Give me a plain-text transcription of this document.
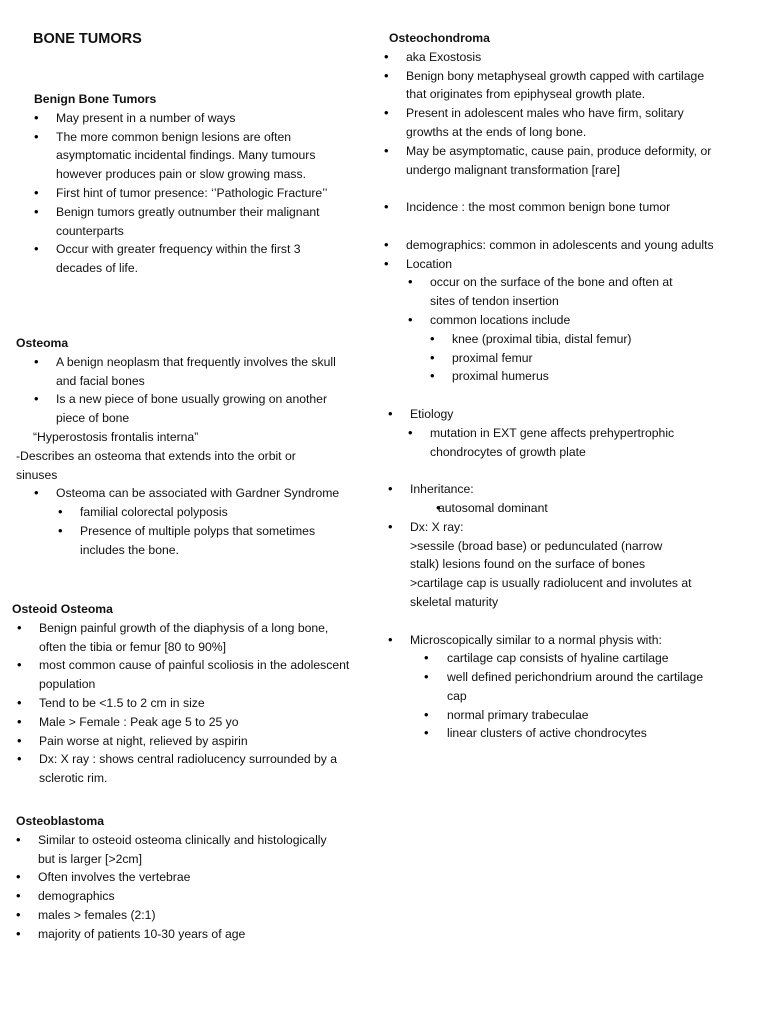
BONE TUMORS
Benign Bone Tumors
• May present in a number of ways
• The more common benign lesions are often
asymptomatic incidental findings. Many tumours
however produces pain or slow growing mass.
• First hint of tumor presence: ‘’Pathologic Fracture’’
• Benign tumors greatly outnumber their malignant
counterparts
• Occur with greater frequency within the first 3
decades of life.
Osteoma
• A benign neoplasm that frequently involves the skull
and facial bones
• Is a new piece of bone usually growing on another
piece of bone
“Hyperostosis frontalis interna”
-Describes an osteoma that extends into the orbit or
sinuses
• Osteoma can be associated with Gardner Syndrome
• familial colorectal polyposis
• Presence of multiple polyps that sometimes
includes the bone.
Osteoid Osteoma
• Benign painful growth of the diaphysis of a long bone,
often the tibia or femur [80 to 90%]
• most common cause of painful scoliosis in the adolescent
population
• Tend to be <1.5 to 2 cm in size
• Male > Female : Peak age 5 to 25 yo
• Pain worse at night, relieved by aspirin
• Dx: X ray : shows central radiolucency surrounded by a
sclerotic rim.
Osteoblastoma
• Similar to osteoid osteoma clinically and histologically
but is larger [>2cm]
• Often involves the vertebrae
• demographics
• males > females (2:1)
• majority of patients 10-30 years of age
Osteochondroma
• aka Exostosis
• Benign bony metaphyseal growth capped with cartilage
that originates from epiphyseal growth plate.
• Present in adolescent males who have firm, solitary
growths at the ends of long bone.
• May be asymptomatic, cause pain, produce deformity, or
undergo malignant transformation [rare]
• Incidence : the most common benign bone tumor
• demographics: common in adolescents and young adults
• Location
• occur on the surface of the bone and often at
sites of tendon insertion
• common locations include
• knee (proximal tibia, distal femur)
• proximal femur
• proximal humerus
• Etiology
• mutation in EXT gene affects prehypertrophic
chondrocytes of growth plate
• Inheritance:
• autosomal dominant
• Dx: X ray:
>sessile (broad base) or pedunculated (narrow
stalk) lesions found on the surface of bones
>cartilage cap is usually radiolucent and involutes at
skeletal maturity
• Microscopically similar to a normal physis with:
• cartilage cap consists of hyaline cartilage
• well defined perichondrium around the cartilage
cap
• normal primary trabeculae
• linear clusters of active chondrocytes
